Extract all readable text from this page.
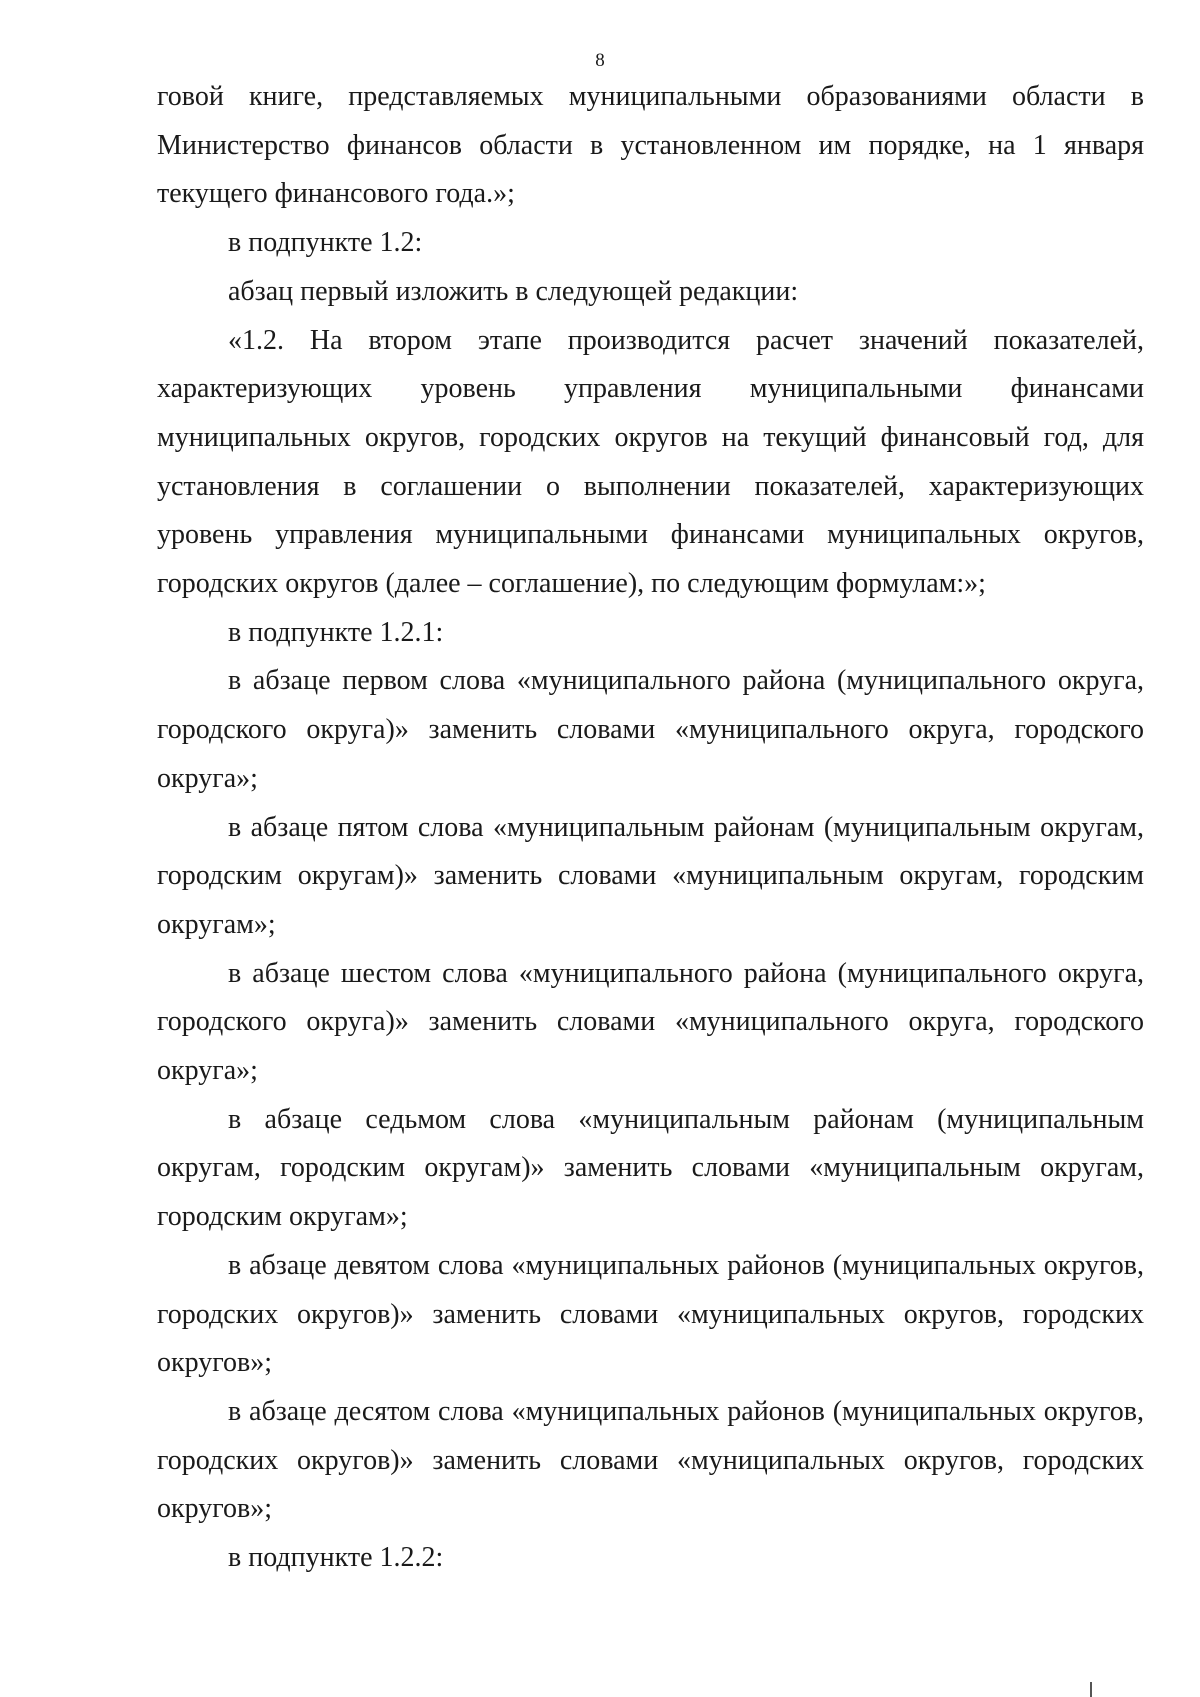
8

говой книге, представляемых муниципальными образованиями области в Министерство финансов области в установленном им порядке, на 1 января текущего финансового года.»;

в подпункте 1.2:

абзац первый изложить в следующей редакции:

«1.2. На втором этапе производится расчет значений показателей, характеризующих уровень управления муниципальными финансами муниципальных округов, городских округов на текущий финансовый год, для установления в соглашении о выполнении показателей, характеризующих уровень управления муниципальными финансами муниципальных округов, городских округов (далее – соглашение), по следующим формулам:»;

в подпункте 1.2.1:

в абзаце первом слова «муниципального района (муниципального округа, городского округа)» заменить словами «муниципального округа, городского округа»;

в абзаце пятом слова «муниципальным районам (муниципальным округам, городским округам)» заменить словами «муниципальным округам, городским округам»;

в абзаце шестом слова «муниципального района (муниципального округа, городского округа)» заменить словами «муниципального округа, городского округа»;

в абзаце седьмом слова «муниципальным районам (муниципальным округам, городским округам)» заменить словами «муниципальным округам, городским округам»;

в абзаце девятом слова «муниципальных районов (муниципальных округов, городских округов)» заменить словами «муниципальных округов, городских округов»;

в абзаце десятом слова «муниципальных районов (муниципальных округов, городских округов)» заменить словами «муниципальных округов, городских округов»;

в подпункте 1.2.2:
